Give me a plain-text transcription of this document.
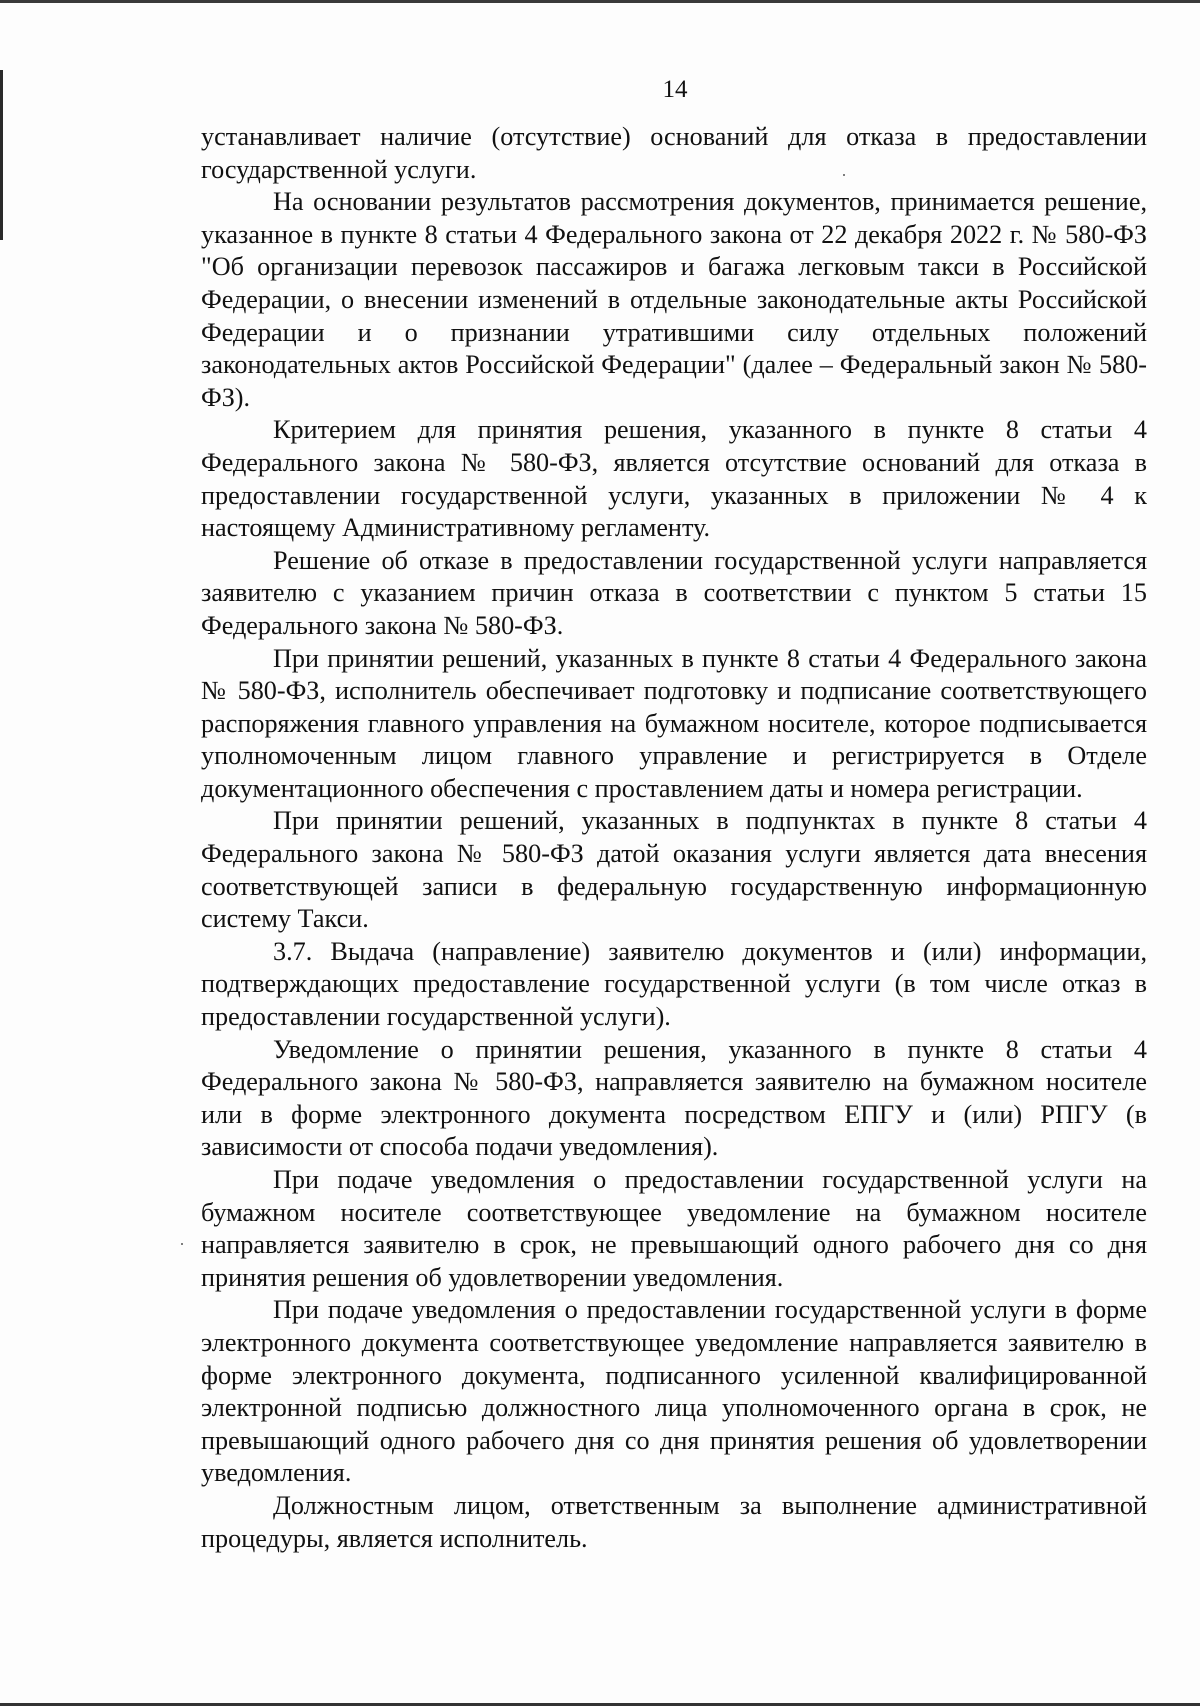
14

устанавливает наличие (отсутствие) оснований для отказа в предоставлении государственной услуги.

На основании результатов рассмотрения документов, принимается решение, указанное в пункте 8 статьи 4 Федерального закона от 22 декабря 2022 г. № 580-ФЗ "Об организации перевозок пассажиров и багажа легковым такси в Российской Федерации, о внесении изменений в отдельные законодательные акты Российской Федерации и о признании утратившими силу отдельных положений законодательных актов Российской Федерации" (далее – Федеральный закон № 580-ФЗ).

Критерием для принятия решения, указанного в пункте 8 статьи 4 Федерального закона № 580-ФЗ, является отсутствие оснований для отказа в предоставлении государственной услуги, указанных в приложении № 4 к настоящему Административному регламенту.

Решение об отказе в предоставлении государственной услуги направляется заявителю с указанием причин отказа в соответствии с пунктом 5 статьи 15 Федерального закона № 580-ФЗ.

При принятии решений, указанных в пункте 8 статьи 4 Федерального закона № 580-ФЗ, исполнитель обеспечивает подготовку и подписание соответствующего распоряжения главного управления на бумажном носителе, которое подписывается уполномоченным лицом главного управление и регистрируется в Отделе документационного обеспечения с проставлением даты и номера регистрации.

При принятии решений, указанных в подпунктах в пункте 8 статьи 4 Федерального закона № 580-ФЗ датой оказания услуги является дата внесения соответствующей записи в федеральную государственную информационную систему Такси.

3.7. Выдача (направление) заявителю документов и (или) информации, подтверждающих предоставление государственной услуги (в том числе отказ в предоставлении государственной услуги).

Уведомление о принятии решения, указанного в пункте 8 статьи 4 Федерального закона № 580-ФЗ, направляется заявителю на бумажном носителе или в форме электронного документа посредством ЕПГУ и (или) РПГУ (в зависимости от способа подачи уведомления).

При подаче уведомления о предоставлении государственной услуги на бумажном носителе соответствующее уведомление на бумажном носителе направляется заявителю в срок, не превышающий одного рабочего дня со дня принятия решения об удовлетворении уведомления.

При подаче уведомления о предоставлении государственной услуги в форме электронного документа соответствующее уведомление направляется заявителю в форме электронного документа, подписанного усиленной квалифицированной электронной подписью должностного лица уполномоченного органа в срок, не превышающий одного рабочего дня со дня принятия решения об удовлетворении уведомления.

Должностным лицом, ответственным за выполнение административной процедуры, является исполнитель.
